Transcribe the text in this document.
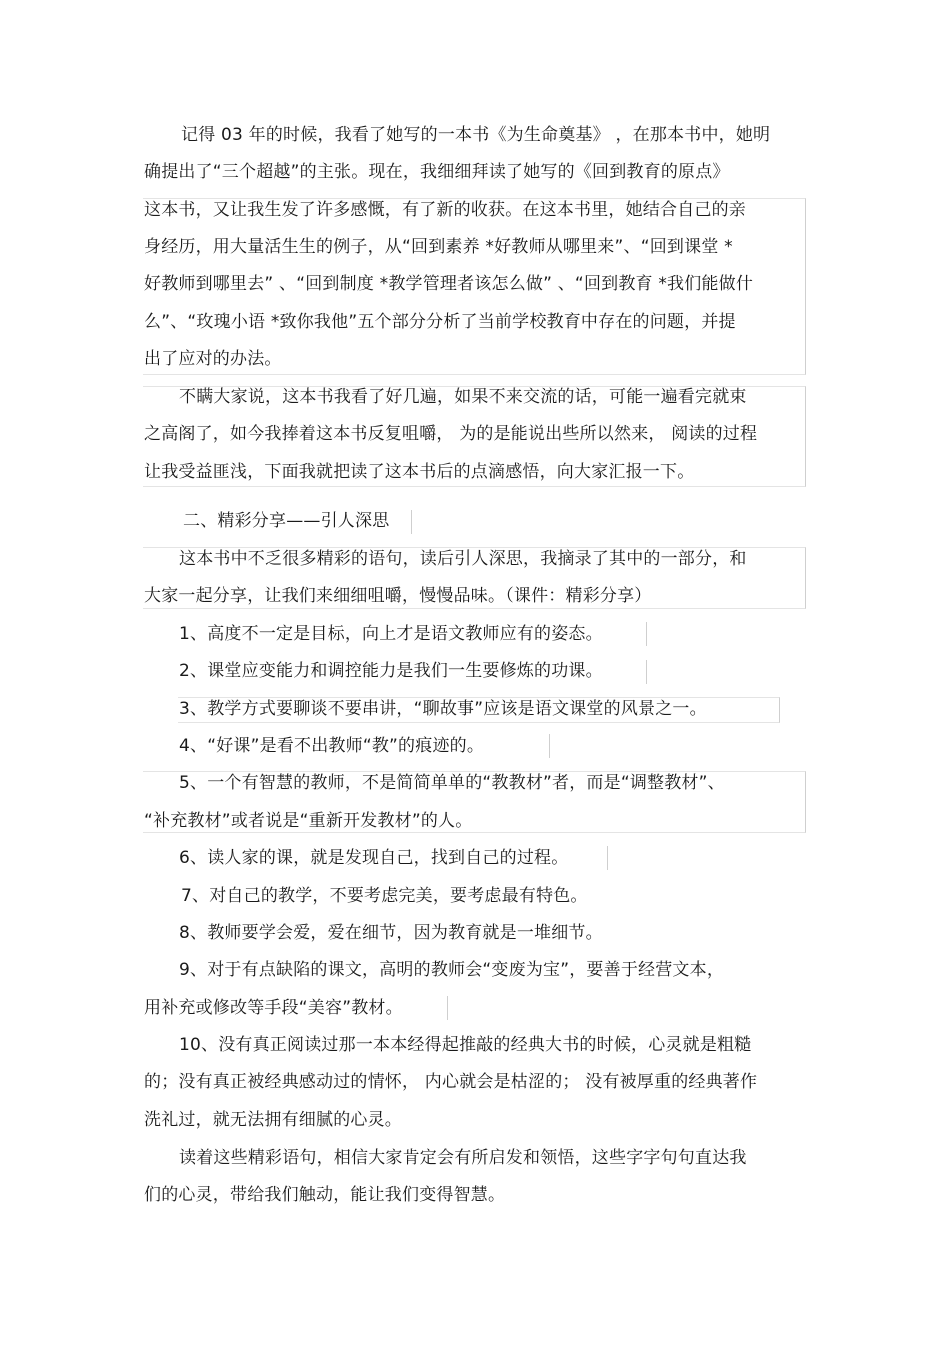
记得 03 年的时候，我看了她写的一本书《为生命奠基》 ，在那本书中，她明
确提出了“三个超越”的主张。现在，我细细拜读了她写的《回到教育的原点》
这本书，又让我生发了许多感慨，有了新的收获。在这本书里，她结合自己的亲
身经历，用大量活生生的例子，从“回到素养 *好教师从哪里来”、“回到课堂 *
好教师到哪里去” 、“回到制度 *教学管理者该怎么做” 、“回到教育 *我们能做什
么”、“玫瑰小语 *致你我他”五个部分分析了当前学校教育中存在的问题，并提
出了应对的办法。
不瞒大家说，这本书我看了好几遍，如果不来交流的话，可能一遍看完就束
之高阁了，如今我捧着这本书反复咀嚼， 为的是能说出些所以然来， 阅读的过程
让我受益匪浅，下面我就把读了这本书后的点滴感悟，向大家汇报一下。
二、精彩分享——引人深思
这本书中不乏很多精彩的语句，读后引人深思，我摘录了其中的一部分，和
大家一起分享，让我们来细细咀嚼，慢慢品味。（课件：精彩分享）
1、高度不一定是目标，向上才是语文教师应有的姿态。
2、课堂应变能力和调控能力是我们一生要修炼的功课。
3、教学方式要聊谈不要串讲，“聊故事”应该是语文课堂的风景之一。
4、“好课”是看不出教师“教”的痕迹的。
5、一个有智慧的教师，不是简简单单的“教教材”者，而是“调整教材”、
“补充教材”或者说是“重新开发教材”的人。
6、读人家的课，就是发现自己，找到自己的过程。
7、对自己的教学，不要考虑完美，要考虑最有特色。
8、教师要学会爱，爱在细节，因为教育就是一堆细节。
9、对于有点缺陷的课文，高明的教师会“变废为宝”，要善于经营文本，
用补充或修改等手段“美容”教材。
10、没有真正阅读过那一本本经得起推敲的经典大书的时候，心灵就是粗糙
的；没有真正被经典感动过的情怀， 内心就会是枯涩的； 没有被厚重的经典著作
洗礼过，就无法拥有细腻的心灵。
读着这些精彩语句，相信大家肯定会有所启发和领悟，这些字字句句直达我
们的心灵，带给我们触动，能让我们变得智慧。
